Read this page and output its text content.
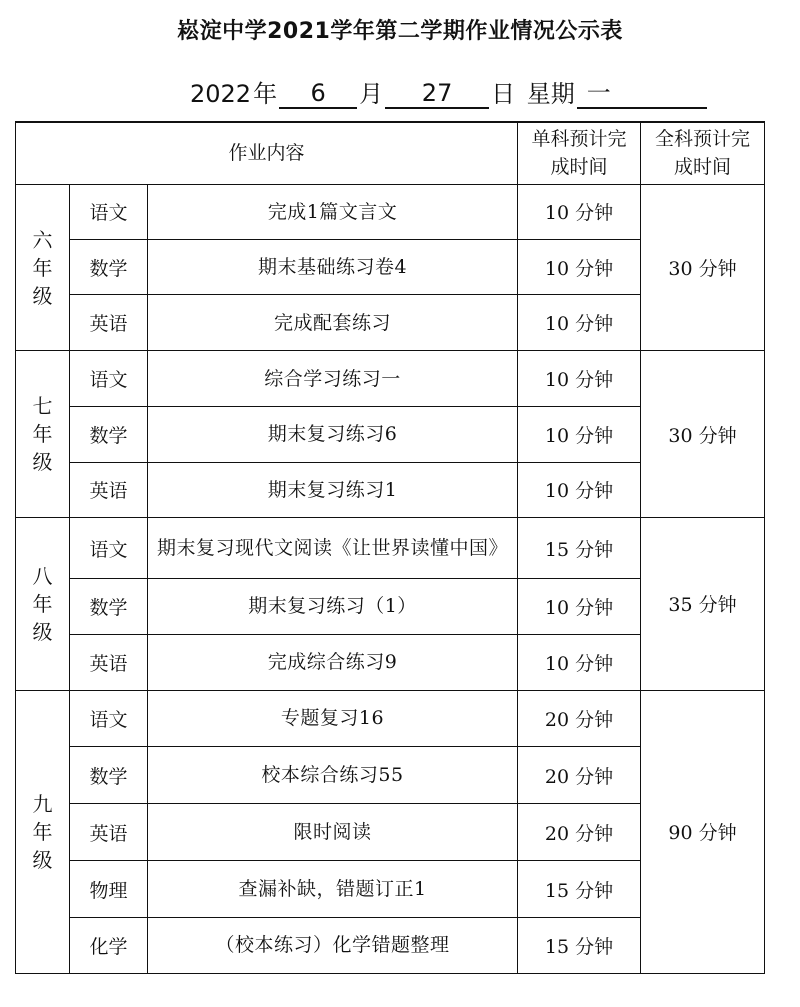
崧淀中学2021学年第二学期作业情况公示表
2022年 6 月 27 日 星期 一
作业内容			单科预计完成时间	全科预计完成时间
六年级	语文	完成1篇文言文	10 分钟	30 分钟
	数学	期末基础练习卷4	10 分钟	
	英语	完成配套练习	10 分钟	
七年级	语文	综合学习练习一	10 分钟	30 分钟
	数学	期末复习练习6	10 分钟	
	英语	期末复习练习1	10 分钟	
八年级	语文	期末复习现代文阅读《让世界读懂中国》	15 分钟	35 分钟
	数学	期末复习练习（1）	10 分钟	
	英语	完成综合练习9	10 分钟	
九年级	语文	专题复习16	20 分钟	90 分钟
	数学	校本综合练习55	20 分钟	
	英语	限时阅读	20 分钟	
	物理	查漏补缺，错题订正1	15 分钟	
	化学	（校本练习）化学错题整理	15 分钟	
